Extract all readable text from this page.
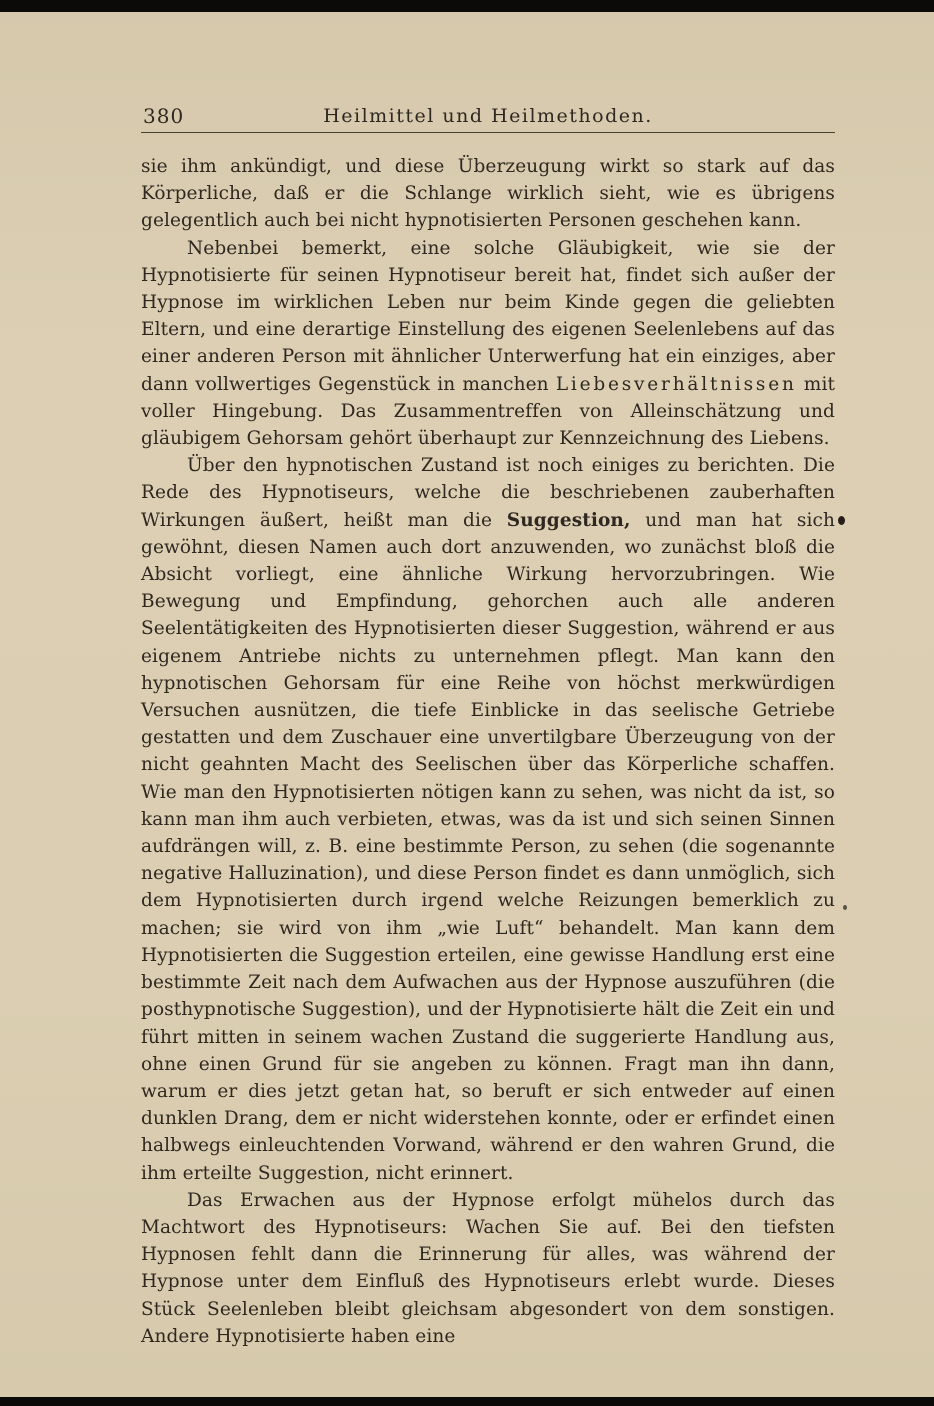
380	Heilmittel und Heilmethoden.

sie ihm ankündigt, und diese Überzeugung wirkt so stark auf das Körperliche, daß er die Schlange wirklich sieht, wie es übrigens gelegentlich auch bei nicht hypnotisierten Personen geschehen kann.

Nebenbei bemerkt, eine solche Gläubigkeit, wie sie der Hypnotisierte für seinen Hypnotiseur bereit hat, findet sich außer der Hypnose im wirklichen Leben nur beim Kinde gegen die geliebten Eltern, und eine derartige Einstellung des eigenen Seelenlebens auf das einer anderen Person mit ähnlicher Unterwerfung hat ein einziges, aber dann vollwertiges Gegenstück in manchen Liebesverhältnissen mit voller Hingebung. Das Zusammentreffen von Alleinschätzung und gläubigem Gehorsam gehört überhaupt zur Kennzeichnung des Liebens.

Über den hypnotischen Zustand ist noch einiges zu berichten. Die Rede des Hypnotiseurs, welche die beschriebenen zauberhaften Wirkungen äußert, heißt man die Suggestion, und man hat sich gewöhnt, diesen Namen auch dort anzuwenden, wo zunächst bloß die Absicht vorliegt, eine ähnliche Wirkung hervorzubringen. Wie Bewegung und Empfindung, gehorchen auch alle anderen Seelentätigkeiten des Hypnotisierten dieser Suggestion, während er aus eigenem Antriebe nichts zu unternehmen pflegt. Man kann den hypnotischen Gehorsam für eine Reihe von höchst merkwürdigen Versuchen ausnützen, die tiefe Einblicke in das seelische Getriebe gestatten und dem Zuschauer eine unvertilgbare Überzeugung von der nicht geahnten Macht des Seelischen über das Körperliche schaffen. Wie man den Hypnotisierten nötigen kann zu sehen, was nicht da ist, so kann man ihm auch verbieten, etwas, was da ist und sich seinen Sinnen aufdrängen will, z. B. eine bestimmte Person, zu sehen (die sogenannte negative Halluzination), und diese Person findet es dann unmöglich, sich dem Hypnotisierten durch irgend welche Reizungen bemerklich zu machen; sie wird von ihm „wie Luft“ behandelt. Man kann dem Hypnotisierten die Suggestion erteilen, eine gewisse Handlung erst eine bestimmte Zeit nach dem Aufwachen aus der Hypnose auszuführen (die posthypnotische Suggestion), und der Hypnotisierte hält die Zeit ein und führt mitten in seinem wachen Zustand die suggerierte Handlung aus, ohne einen Grund für sie angeben zu können. Fragt man ihn dann, warum er dies jetzt getan hat, so beruft er sich entweder auf einen dunklen Drang, dem er nicht widerstehen konnte, oder er erfindet einen halbwegs einleuchtenden Vorwand, während er den wahren Grund, die ihm erteilte Suggestion, nicht erinnert.

Das Erwachen aus der Hypnose erfolgt mühelos durch das Machtwort des Hypnotiseurs: Wachen Sie auf. Bei den tiefsten Hypnosen fehlt dann die Erinnerung für alles, was während der Hypnose unter dem Einfluß des Hypnotiseurs erlebt wurde. Dieses Stück Seelenleben bleibt gleichsam abgesondert von dem sonstigen. Andere Hypnotisierte haben eine
